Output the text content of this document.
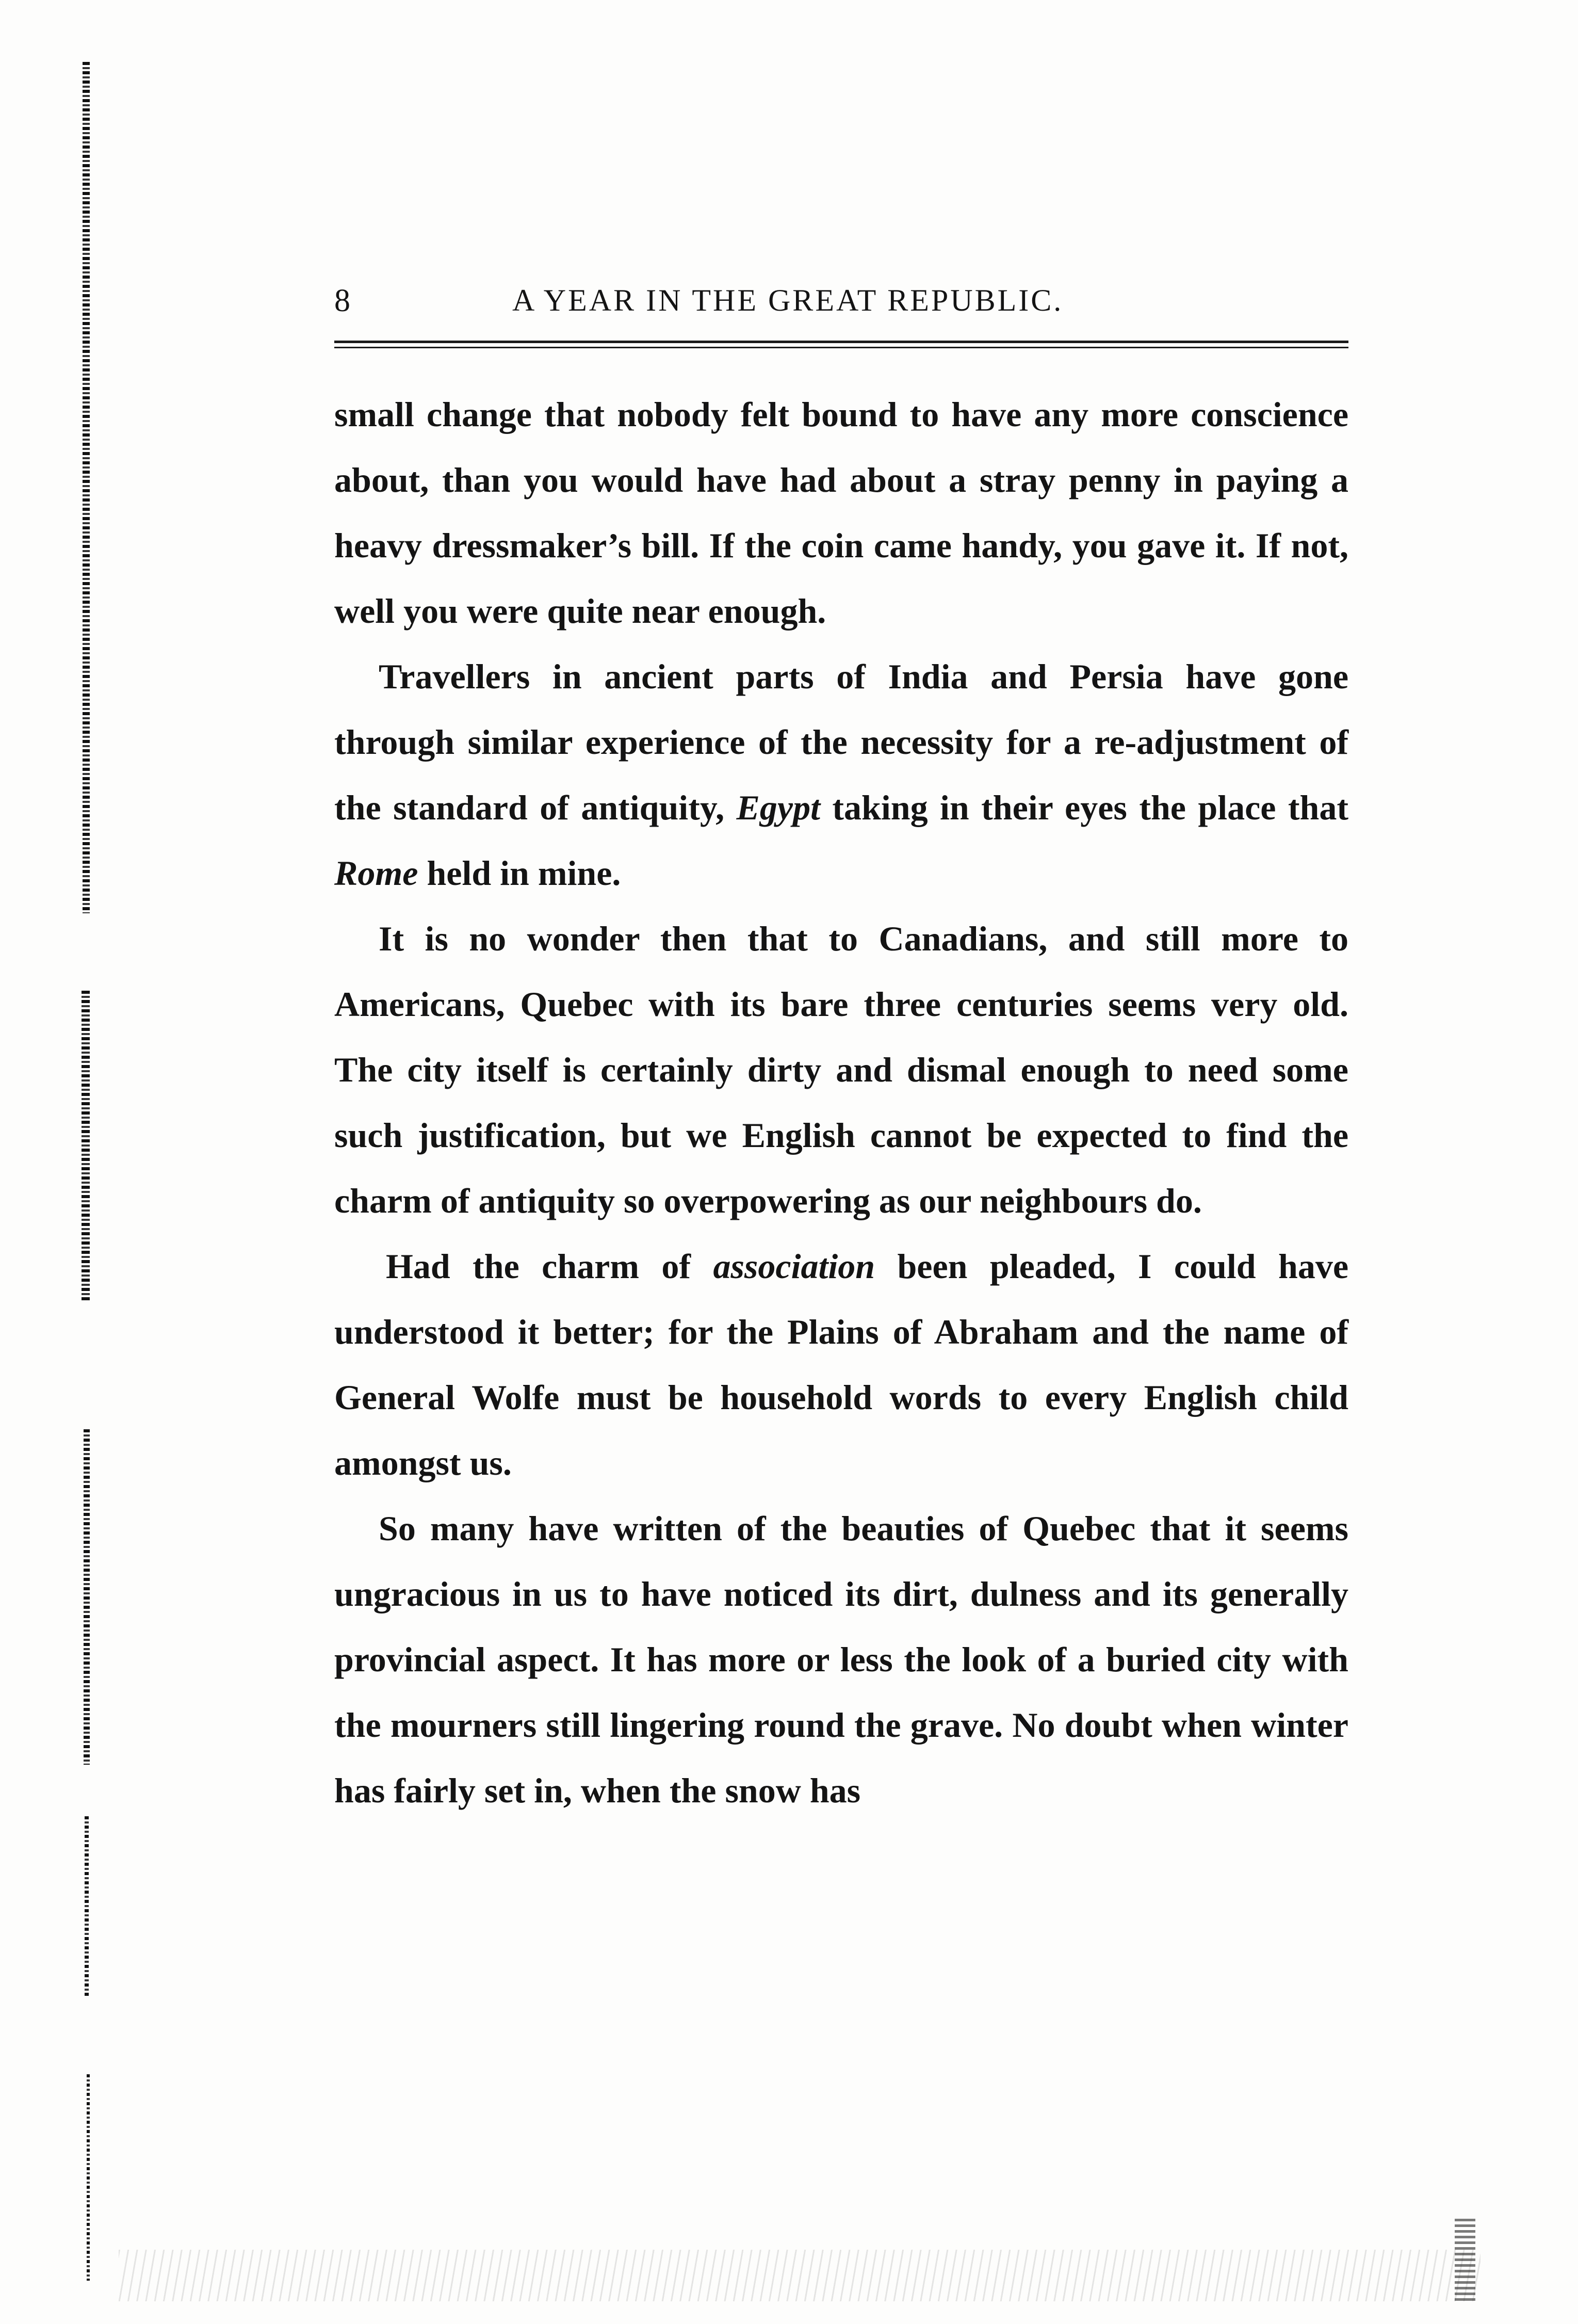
8	A YEAR IN THE GREAT REPUBLIC.

small change that nobody felt bound to have any more conscience about, than you would have had about a stray penny in paying a heavy dressmaker’s bill. If the coin came handy, you gave it. If not, well you were quite near enough.

Travellers in ancient parts of India and Persia have gone through similar experience of the necessity for a re-adjustment of the standard of antiquity, Egypt taking in their eyes the place that Rome held in mine.

It is no wonder then that to Canadians, and still more to Americans, Quebec with its bare three centuries seems very old. The city itself is certainly dirty and dismal enough to need some such justification, but we English cannot be expected to find the charm of antiquity so overpowering as our neighbours do.

Had the charm of association been pleaded, I could have understood it better; for the Plains of Abraham and the name of General Wolfe must be household words to every English child amongst us.

So many have written of the beauties of Quebec that it seems ungracious in us to have noticed its dirt, dulness and its generally provincial aspect. It has more or less the look of a buried city with the mourners still lingering round the grave. No doubt when winter has fairly set in, when the snow has
